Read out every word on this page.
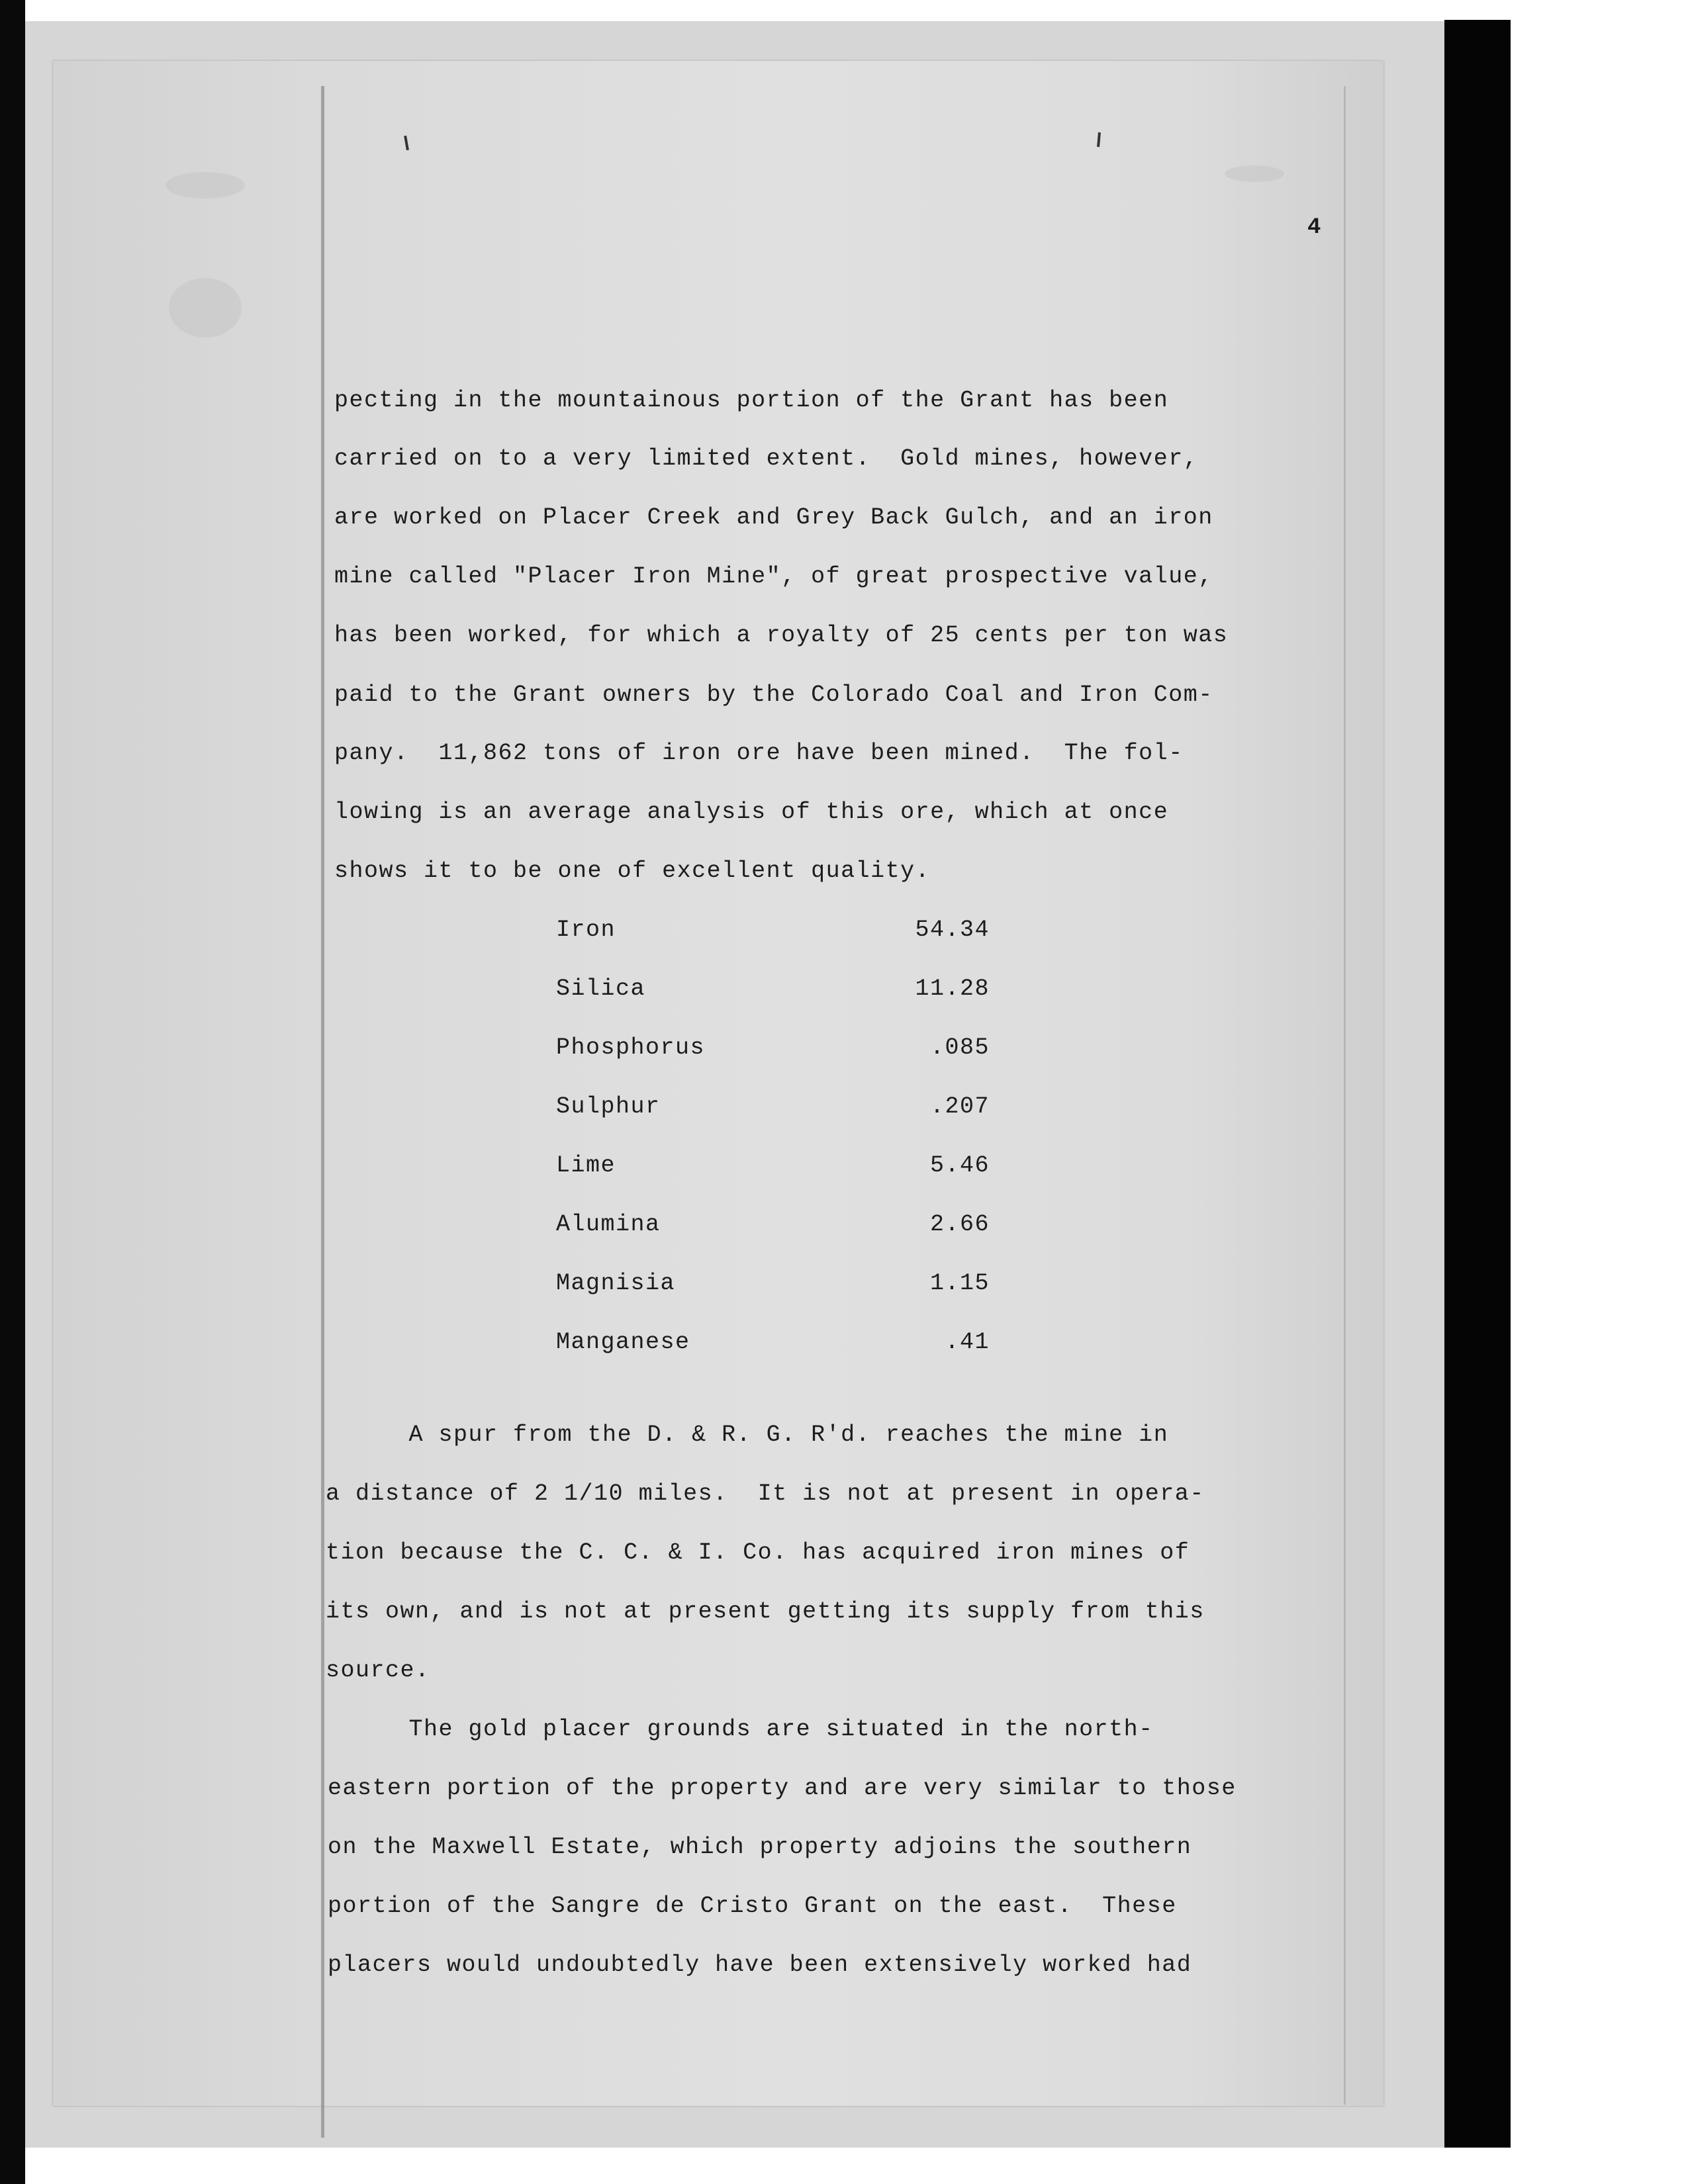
4
pecting in the mountainous portion of the Grant has been
carried on to a very limited extent.  Gold mines, however,
are worked on Placer Creek and Grey Back Gulch, and an iron
mine called "Placer Iron Mine", of great prospective value,
has been worked, for which a royalty of 25 cents per ton was
paid to the Grant owners by the Colorado Coal and Iron Com-
pany.  11,862 tons of iron ore have been mined.  The fol-
lowing is an average analysis of this ore, which at once
shows it to be one of excellent quality.
Iron	54.34
Silica	11.28
Phosphorus	.085
Sulphur	.207
Lime	5.46
Alumina	2.66
Magnisia	1.15
Manganese	.41
A spur from the D. & R. G. R'd. reaches the mine in
a distance of 2 1/10 miles.  It is not at present in opera-
tion because the C. C. & I. Co. has acquired iron mines of
its own, and is not at present getting its supply from this
source.
The gold placer grounds are situated in the north-
eastern portion of the property and are very similar to those
on the Maxwell Estate, which property adjoins the southern
portion of the Sangre de Cristo Grant on the east.  These
placers would undoubtedly have been extensively worked had
